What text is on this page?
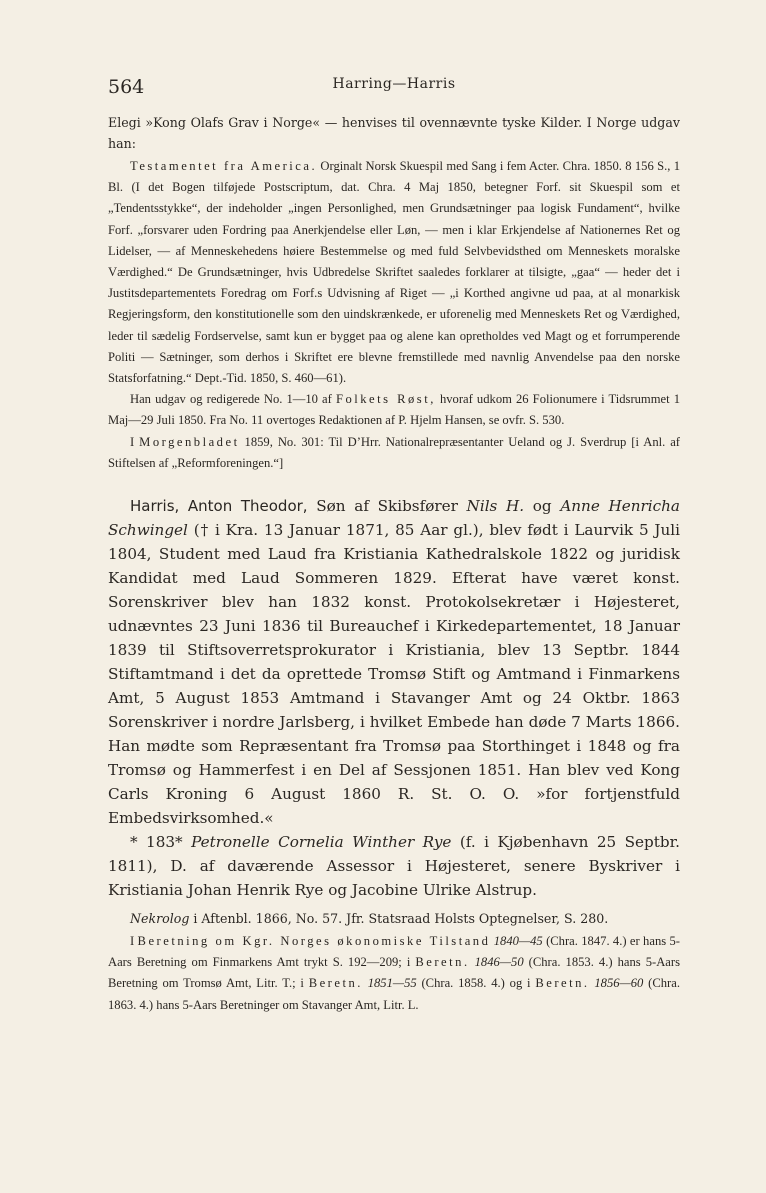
564	Harring—Harris

Elegi »Kong Olafs Grav i Norge« — henvises til ovennævnte tyske Kilder. I Norge udgav han:

Testamentet fra America. Orginalt Norsk Skuespil med Sang i fem Acter. Chra. 1850. 8 156 S., 1 Bl. (I det Bogen tilføjede Postscriptum, dat. Chra. 4 Maj 1850, betegner Forf. sit Skuespil som et „Tendentsstykke“, der indeholder „ingen Personlighed, men Grundsætninger paa logisk Fundament“, hvilke Forf. „forsvarer uden Fordring paa Anerkjendelse eller Løn, — men i klar Erkjendelse af Nationernes Ret og Lidelser, — af Menneskehedens høiere Bestemmelse og med fuld Selvbevidsthed om Menneskets moralske Værdighed.“ De Grundsætninger, hvis Udbredelse Skriftet saaledes forklarer at tilsigte, „gaa“ — heder det i Justitsdepartementets Foredrag om Forf.s Udvisning af Riget — „i Korthed angivne ud paa, at al monarkisk Regjeringsform, den konstitutionelle som den uindskrænkede, er uforenelig med Menneskets Ret og Værdighed, leder til sædelig Fordservelse, samt kun er bygget paa og alene kan opretholdes ved Magt og et forrumperende Politi — Sætninger, som derhos i Skriftet ere blevne fremstillede med navnlig Anvendelse paa den norske Statsforfatning.“ Dept.-Tid. 1850, S. 460—61).

Han udgav og redigerede No. 1—10 af Folkets Røst, hvoraf udkom 26 Folionumere i Tidsrummet 1 Maj—29 Juli 1850. Fra No. 11 overtoges Redaktionen af P. Hjelm Hansen, se ovfr. S. 530.

I Morgenbladet 1859, No. 301: Til D’Hrr. Nationalrepræsentanter Ueland og J. Sverdrup [i Anl. af Stiftelsen af „Reformforeningen.“]

Harris, Anton Theodor, Søn af Skibsfører Nils H. og Anne Henricha Schwingel († i Kra. 13 Januar 1871, 85 Aar gl.), blev født i Laurvik 5 Juli 1804, Student med Laud fra Kristiania Kathedralskole 1822 og juridisk Kandidat med Laud Sommeren 1829. Efterat have været konst. Sorenskriver blev han 1832 konst. Protokolsekretær i Højesteret, udnævntes 23 Juni 1836 til Bureauchef i Kirkedepartementet, 18 Januar 1839 til Stiftsoverretsprokurator i Kristiania, blev 13 Septbr. 1844 Stiftamtmand i det da oprettede Tromsø Stift og Amtmand i Finmarkens Amt, 5 August 1853 Amtmand i Stavanger Amt og 24 Oktbr. 1863 Sorenskriver i nordre Jarlsberg, i hvilket Embede han døde 7 Marts 1866. Han mødte som Repræsentant fra Tromsø paa Storthinget i 1848 og fra Tromsø og Hammerfest i en Del af Sessjonen 1851. Han blev ved Kong Carls Kroning 6 August 1860 R. St. O. O. »for fortjenstfuld Embedsvirksomhed.«

* 183* Petronelle Cornelia Winther Rye (f. i Kjøbenhavn 25 Septbr. 1811), D. af daværende Assessor i Højesteret, senere Byskriver i Kristiania Johan Henrik Rye og Jacobine Ulrike Alstrup.

Nekrolog i Aftenbl. 1866, No. 57. Jfr. Statsraad Holsts Optegnelser, S. 280.

I Beretning om Kgr. Norges økonomiske Tilstand 1840—45 (Chra. 1847. 4.) er hans 5-Aars Beretning om Finmarkens Amt trykt S. 192—209; i Beretn. 1846—50 (Chra. 1853. 4.) hans 5-Aars Beretning om Tromsø Amt, Litr. T.; i Beretn. 1851—55 (Chra. 1858. 4.) og i Beretn. 1856—60 (Chra. 1863. 4.) hans 5-Aars Beretninger om Stavanger Amt, Litr. L.
